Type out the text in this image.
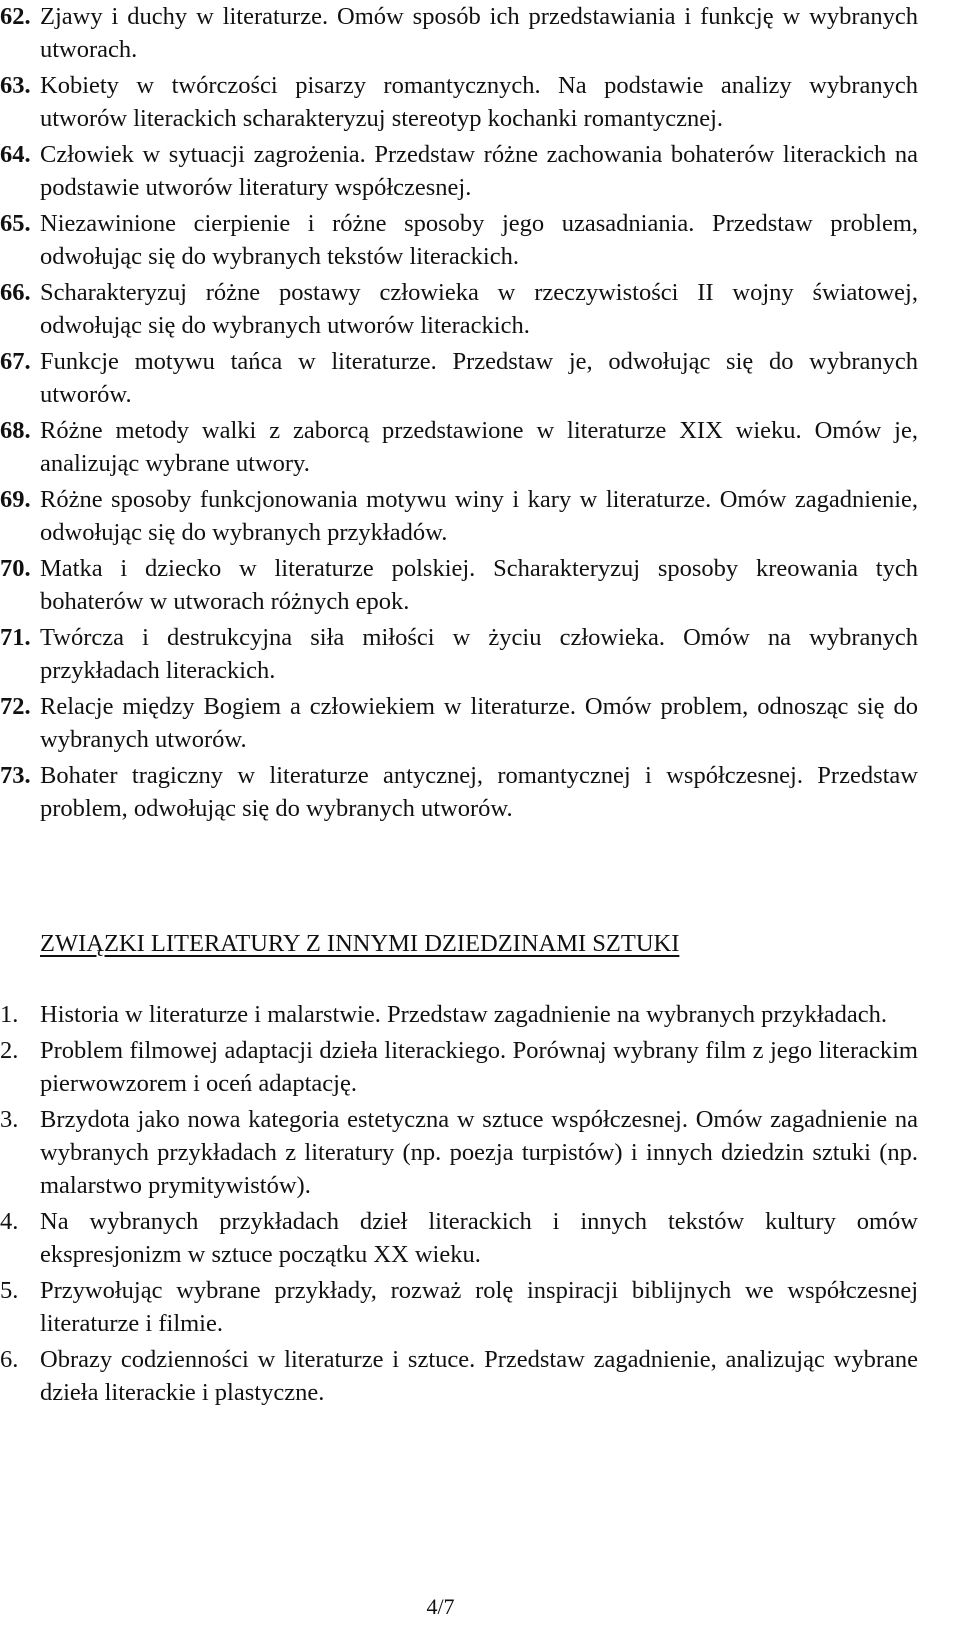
62. Zjawy i duchy w literaturze. Omów sposób ich przedstawiania i funkcję w wybranych utworach.
63. Kobiety w twórczości pisarzy romantycznych. Na podstawie analizy wybranych utworów literackich scharakteryzuj stereotyp kochanki romantycznej.
64. Człowiek w sytuacji zagrożenia. Przedstaw różne zachowania bohaterów literackich na podstawie utworów literatury współczesnej.
65. Niezawinione cierpienie i różne sposoby jego uzasadniania. Przedstaw problem, odwołując się do wybranych tekstów literackich.
66. Scharakteryzuj różne postawy człowieka w rzeczywistości II wojny światowej, odwołując się do wybranych utworów literackich.
67. Funkcje motywu tańca w literaturze. Przedstaw je, odwołując się do wybranych utworów.
68. Różne metody walki z zaborcą przedstawione w literaturze XIX wieku. Omów je, analizując wybrane utwory.
69. Różne sposoby funkcjonowania motywu winy i kary w literaturze. Omów zagadnienie, odwołując się do wybranych przykładów.
70. Matka i dziecko w literaturze polskiej. Scharakteryzuj sposoby kreowania tych bohaterów w utworach różnych epok.
71. Twórcza i destrukcyjna siła miłości w życiu człowieka. Omów na wybranych przykładach literackich.
72. Relacje między Bogiem a człowiekiem w literaturze. Omów problem, odnosząc się do wybranych utworów.
73. Bohater tragiczny w literaturze antycznej, romantycznej i współczesnej. Przedstaw problem, odwołując się do wybranych utworów.
ZWIĄZKI LITERATURY Z INNYMI DZIEDZINAMI SZTUKI
1. Historia w literaturze i malarstwie. Przedstaw zagadnienie na wybranych przykładach.
2. Problem filmowej adaptacji dzieła literackiego. Porównaj wybrany film z jego literackim pierwowzorem i oceń adaptację.
3. Brzydota jako nowa kategoria estetyczna w sztuce współczesnej. Omów zagadnienie na wybranych przykładach z literatury (np. poezja turpistów) i innych dziedzin sztuki (np. malarstwo prymitywistów).
4. Na wybranych przykładach dzieł literackich i innych tekstów kultury omów ekspresjonizm w sztuce początku XX wieku.
5. Przywołując wybrane przykłady, rozważ rolę inspiracji biblijnych we współczesnej literaturze i filmie.
6. Obrazy codzienności w literaturze i sztuce. Przedstaw zagadnienie, analizując wybrane dzieła literackie i plastyczne.
4/7
